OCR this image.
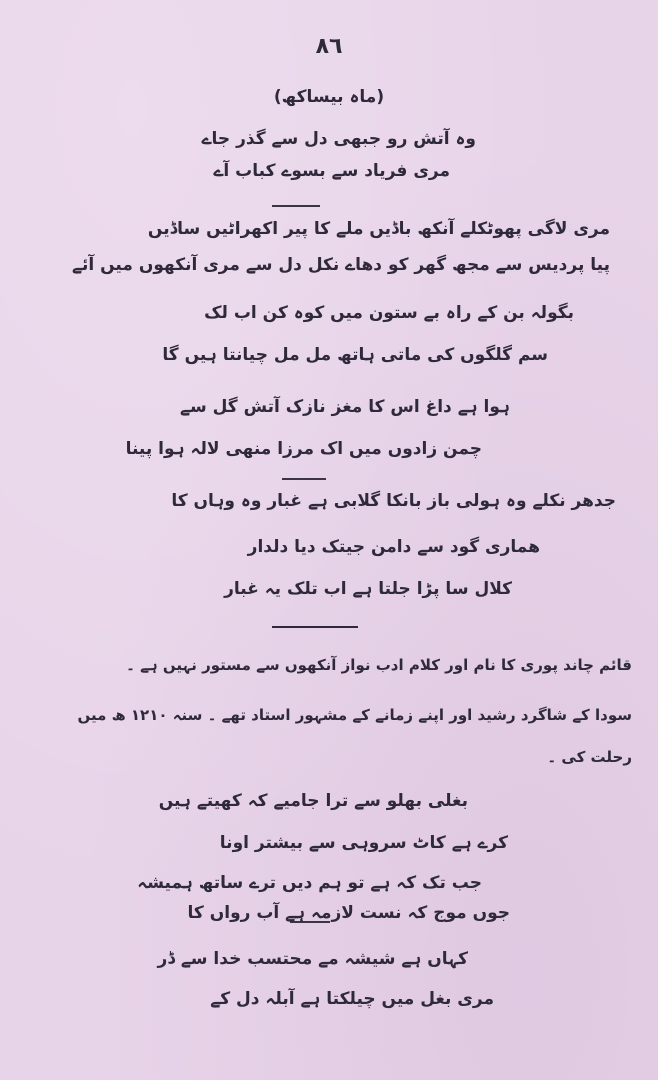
٨٦
(ماہ بیساکھ)
وہ آتش رو جبھی دل سے گذر جاے
مری فریاد سے بسوے کباب آے
مری لاگی پھوٹکلے آنکھ باڈیں ملے کا پیر اکھراٹیں ساڈیں
پیا پردیس سے مجھ گھر کو دھاے نکل دل سے مری آنکھوں میں آئے
بگولہ بن کے راہ بے ستون میں کوہ کن اب لک
سم گلگوں کی ماتی ہاتھ مل مل چیانتا ہیں گا
ہوا ہے داغ اس کا مغز نازک آتش گل سے
چمن زادوں میں اک مرزا منھی لالہ ہوا پینا
جدھر نکلے وہ ہولی باز بانکا گلابی ہے غبار وہ وہاں کا
ھماری گود سے دامن جیتک دیا دلدار
کلال سا پڑا جلتا ہے اب تلک یہ غبار
قائم چاند پوری کا نام اور کلام ادب نواز آنکھوں سے مستور نہیں ہے ۔
سودا کے شاگرد رشید اور اپنے زمانے کے مشہور استاد تھے ۔ سنہ ۱۲۱۰ ھ میں
رحلت کی ۔
بغلی بھلو سے ترا جامیے کہ کھیتے ہیں
کرے ہے کاٹ سروہی سے بیشتر اونا
جب تک کہ ہے تو ہم دیں ترے ساتھ ہمیشہ
جوں موج کہ نست لازمہ ہے آب رواں کا
کہاں ہے شیشہ مے محتسب خدا سے ڈر
مری بغل میں چیلکتا ہے آبلہ دل کے
